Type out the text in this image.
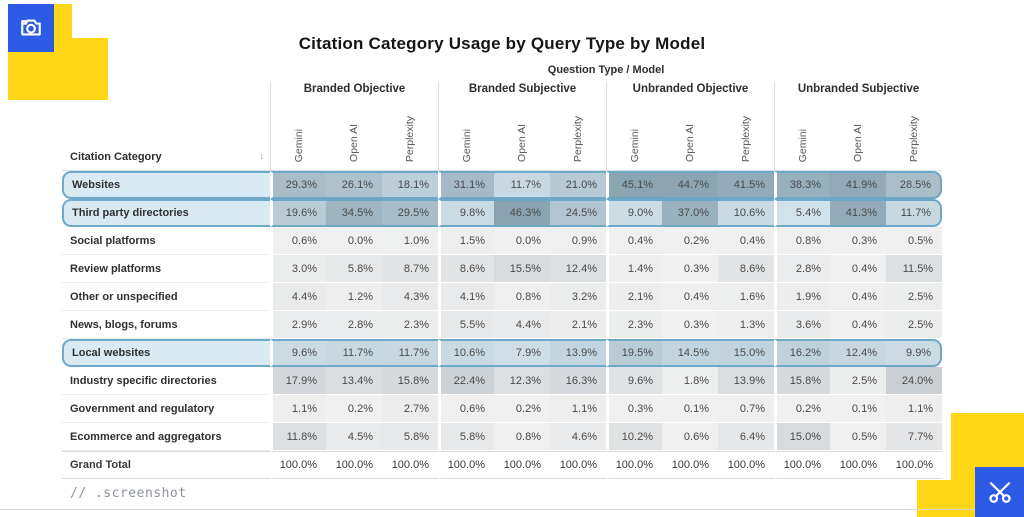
// .screenshot
Citation Category Usage by Query Type by Model
	Question Type / Model											
	Branded Objective			Branded Subjective			Unbranded Objective			Unbranded Subjective		

↓
Citation Category	Gemini	Open AI	Perplexity	Gemini	Open AI	Perplexity	Gemini	Open AI	Perplexity	Gemini	Open AI	Perplexity
Websites	29.3%	26.1%	18.1%	31.1%	11.7%	21.0%	45.1%	44.7%	41.5%	38.3%	41.9%	28.5%
Third party directories	19.6%	34.5%	29.5%	9.8%	46.3%	24.5%	9.0%	37.0%	10.6%	5.4%	41.3%	11.7%
Social platforms	0.6%	0.0%	1.0%	1.5%	0.0%	0.9%	0.4%	0.2%	0.4%	0.8%	0.3%	0.5%
Review platforms	3.0%	5.8%	8.7%	8.6%	15.5%	12.4%	1.4%	0.3%	8.6%	2.8%	0.4%	11.5%
Other or unspecified	4.4%	1.2%	4.3%	4.1%	0.8%	3.2%	2.1%	0.4%	1.6%	1.9%	0.4%	2.5%
News, blogs, forums	2.9%	2.8%	2.3%	5.5%	4.4%	2.1%	2.3%	0.3%	1.3%	3.6%	0.4%	2.5%
Local websites	9.6%	11.7%	11.7%	10.6%	7.9%	13.9%	19.5%	14.5%	15.0%	16.2%	12.4%	9.9%
Industry specific directories	17.9%	13.4%	15.8%	22.4%	12.3%	16.3%	9.6%	1.8%	13.9%	15.8%	2.5%	24.0%
Government and regulatory	1.1%	0.2%	2.7%	0.6%	0.2%	1.1%	0.3%	0.1%	0.7%	0.2%	0.1%	1.1%
Ecommerce and aggregators	11.8%	4.5%	5.8%	5.8%	0.8%	4.6%	10.2%	0.6%	6.4%	15.0%	0.5%	7.7%
Grand Total	100.0%	100.0%	100.0%	100.0%	100.0%	100.0%	100.0%	100.0%	100.0%	100.0%	100.0%	100.0%
